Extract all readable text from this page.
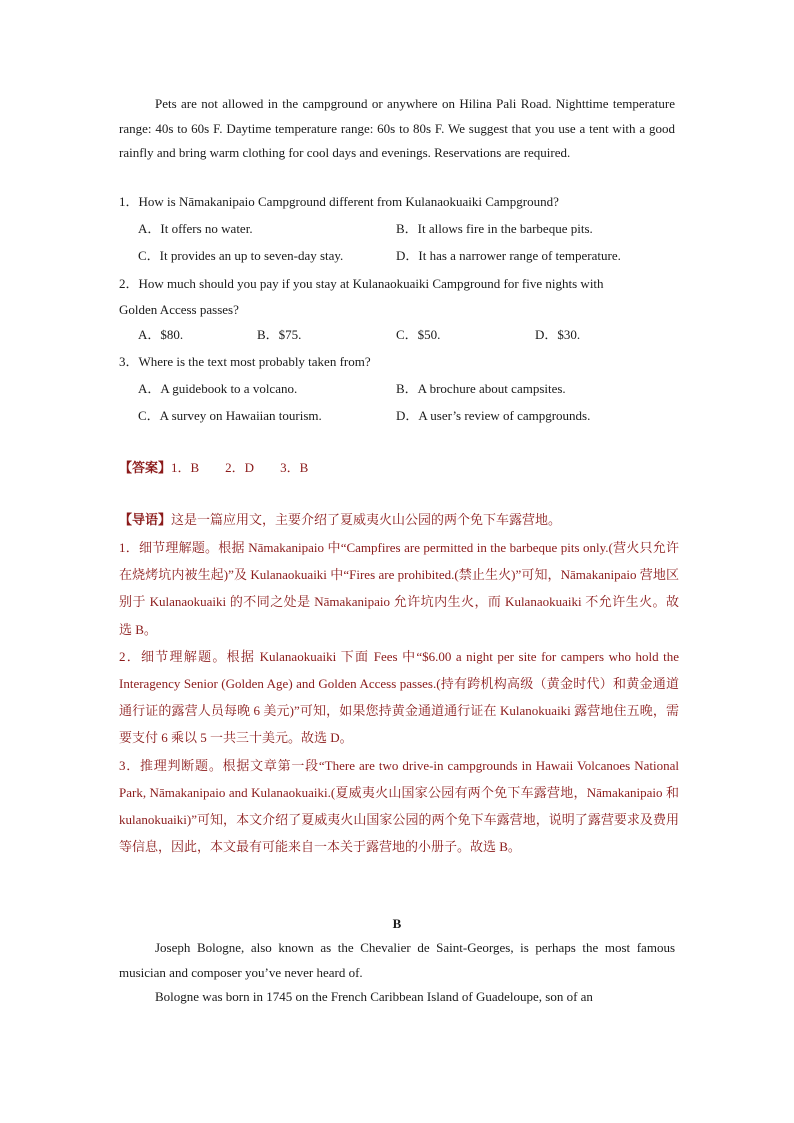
Pets are not allowed in the campground or anywhere on Hilina Pali Road. Nighttime temperature range: 40s to 60s F. Daytime temperature range: 60s to 80s F. We suggest that you use a tent with a good rainfly and bring warm clothing for cool days and evenings. Reservations are required.

1．How is Nāmakanipaio Campground different from Kulanaokuaiki Campground?
A．It offers no water.	B．It allows fire in the barbeque pits.
C．It provides an up to seven-day stay.	D．It has a narrower range of temperature.
2．How much should you pay if you stay at Kulanaokuaiki Campground for five nights with
Golden Access passes?
A．$80.	B．$75.	C．$50.	D．$30.
3．Where is the text most probably taken from?
A．A guidebook to a volcano.	B．A brochure about campsites.
C．A survey on Hawaiian tourism.	D．A user’s review of campgrounds.
【答案】1．B　　2．D　　3．B
【导语】这是一篇应用文，主要介绍了夏威夷火山公园的两个免下车露营地。

1．细节理解题。根据 Nāmakanipaio 中“Campfires are permitted in the barbeque pits only.(营火只允许在烧烤坑内被生起)”及 Kulanaokuaiki 中“Fires are prohibited.(禁止生火)”可知，Nāmakanipaio 营地区别于 Kulanaokuaiki 的不同之处是 Nāmakanipaio 允许坑内生火，而 Kulanaokuaiki 不允许生火。故选 B。

2．细节理解题。根据 Kulanaokuaiki 下面 Fees 中“$6.00 a night per site for campers who hold the Interagency Senior (Golden Age) and Golden Access passes.(持有跨机构高级（黄金时代）和黄金通道通行证的露营人员每晚 6 美元)”可知，如果您持黄金通道通行证在 Kulanokuaiki 露营地住五晚，需要支付 6 乘以 5 一共三十美元。故选 D。

3．推理判断题。根据文章第一段“There are two drive-in campgrounds in Hawaii Volcanoes National Park, Nāmakanipaio and Kulanaokuaiki.(夏威夷火山国家公园有两个免下车露营地，Nāmakanipaio 和 kulanokuaiki)”可知，本文介绍了夏威夷火山国家公园的两个免下车露营地，说明了露营要求及费用等信息，因此，本文最有可能来自一本关于露营地的小册子。故选 B。

B

Joseph Bologne, also known as the Chevalier de Saint-Georges, is perhaps the most famous musician and composer you’ve never heard of.

Bologne was born in 1745 on the French Caribbean Island of Guadeloupe, son of an
